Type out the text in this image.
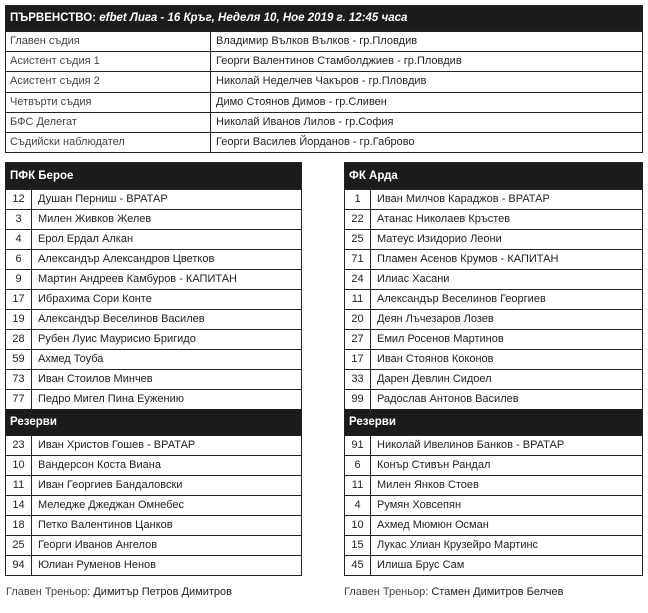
ПЪРВЕНСТВО: efbet Лига - 16 Кръг, Неделя 10, Ное 2019 г. 12:45 часа
Главен съдия	Владимир Вълков Вълков - гр.Пловдив
Асистент съдия 1	Георги Валентинов Стамболджиев - гр.Пловдив
Асистент съдия 2	Николай Неделчев Чакъров - гр.Пловдив
Четвърти съдия	Димо Стоянов Димов - гр.Сливен
БФС Делегат	Николай Иванов Лилов - гр.София
Съдийски наблюдател	Георги Василев Йорданов - гр.Габрово
ПФК Берое
12	Душан Перниш - ВРАТАР
3	Милен Живков Желев
4	Ерол Ердал Алкан
6	Александър Александров Цветков
9	Мартин Андреев Камбуров - КАПИТАН
17	Ибрахима Сори Конте
19	Александър Веселинов Василев
28	Рубен Луис Маурисио Бригидо
59	Ахмед Тоуба
73	Иван Стоилов Минчев
77	Педро Мигел Пина Еужению
Резерви
23	Иван Христов Гошев - ВРАТАР
10	Вандерсон Коста Виана
11	Иван Георгиев Бандаловски
14	Меледже Джеджан Омнебес
18	Петко Валентинов Цанков
25	Георги Иванов Ангелов
94	Юлиан Руменов Ненов
ФК Арда
1	Иван Милчов Караджов - ВРАТАР
22	Атанас Николаев Кръстев
25	Матеус Изидорио Леони
71	Пламен Асенов Крумов - КАПИТАН
24	Илиас Хасани
11	Александър Веселинов Георгиев
20	Деян Лъчезаров Лозев
27	Емил Росенов Мартинов
17	Иван Стоянов Коконов
33	Дарен Девлин Сидоел
99	Радослав Антонов Василев
Резерви
91	Николай Ивелинов Банков - ВРАТАР
6	Конър Стивън Рандал
11	Милен Янков Стоев
4	Румян Ховсепян
10	Ахмед Мюмюн Осман
15	Лукас Улиан Крузейро Мартинс
45	Илиша Брус Сам
Главен Треньор: Димитър Петров Димитров	Главен Треньор: Стамен Димитров Белчев
